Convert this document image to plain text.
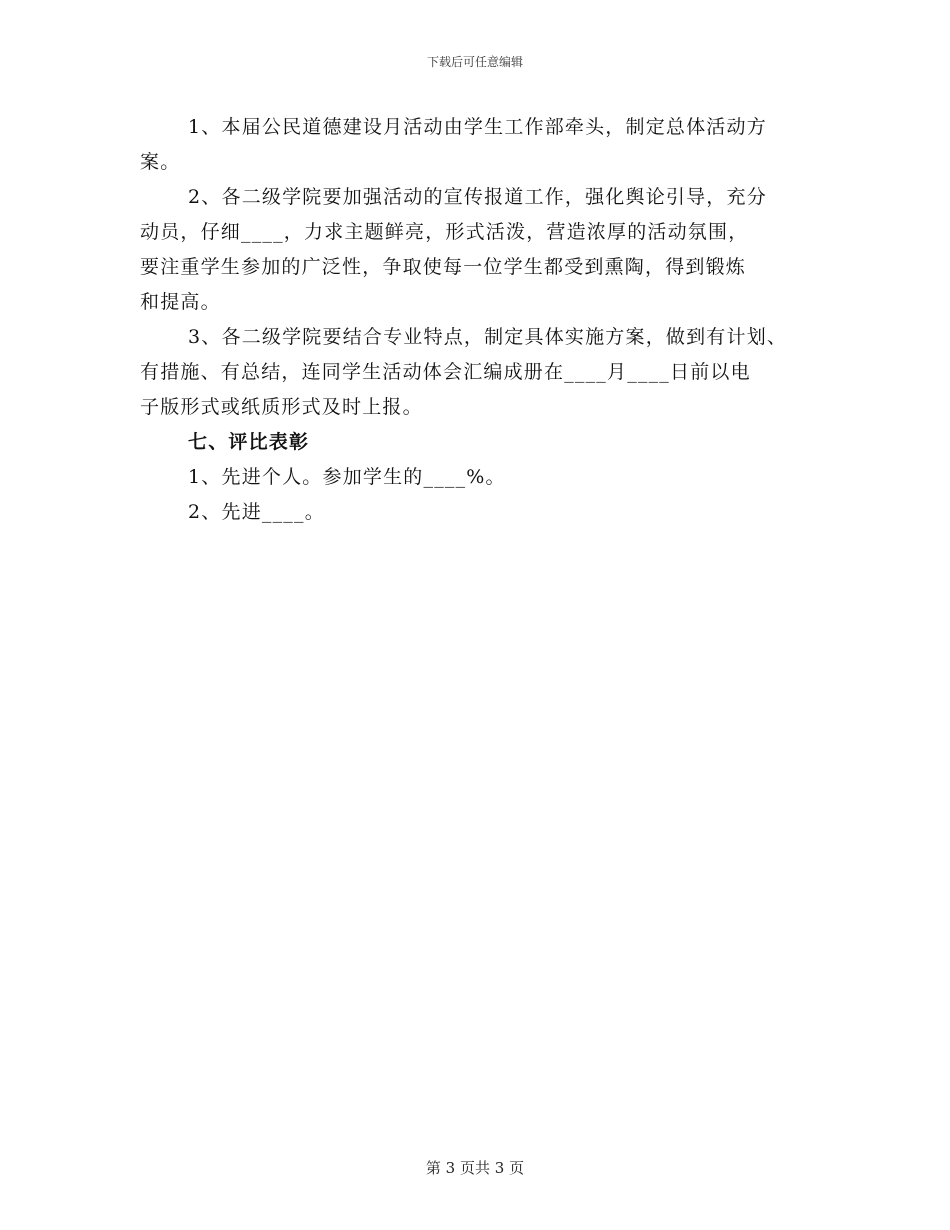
下载后可任意编辑
1、本届公民道德建设月活动由学生工作部牵头，制定总体活动方
案。
2、各二级学院要加强活动的宣传报道工作，强化舆论引导，充分
动员，仔细____，力求主题鲜亮，形式活泼，营造浓厚的活动氛围，
要注重学生参加的广泛性，争取使每一位学生都受到熏陶，得到锻炼
和提高。
3、各二级学院要结合专业特点，制定具体实施方案，做到有计划、
有措施、有总结，连同学生活动体会汇编成册在____月____日前以电
子版形式或纸质形式及时上报。
七、评比表彰
1、先进个人。参加学生的____%。
2、先进____。
第 3 页共 3 页
